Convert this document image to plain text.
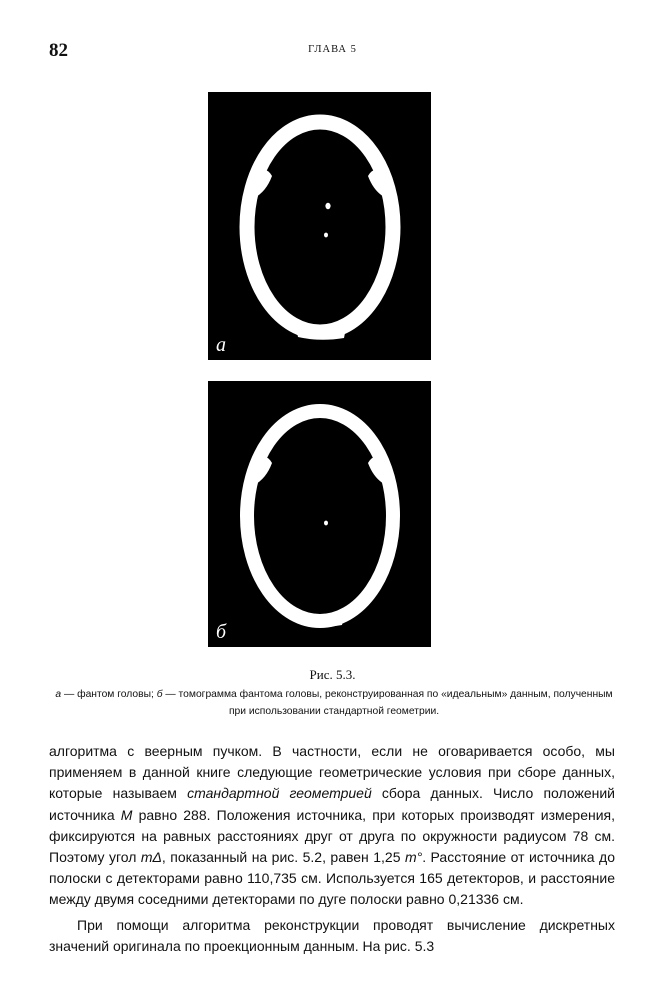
82	ГЛАВА 5
а
б
Рис. 5.3.
а — фантом головы; б — томограмма фантома головы, реконструированная по «идеальным» данным, полученным при использовании стандартной геометрии.

алгоритма с веерным пучком. В частности, если не оговаривается особо, мы применяем в данной книге следующие геометрические условия при сборе данных, которые называем стандартной геометрией сбора данных. Число положений источника M равно 288. Положения источника, при которых производят измерения, фиксируются на равных расстояниях друг от друга по окружности радиусом 78 см. Поэтому угол mΔ, показанный на рис. 5.2, равен 1,25 m°. Расстояние от источника до полоски с детекторами равно 110,735 см. Используется 165 детекторов, и расстояние между двумя соседними детекторами по дуге полоски равно 0,21336 см.

При помощи алгоритма реконструкции проводят вычисление дискретных значений оригинала по проекционным данным. На рис. 5.3
